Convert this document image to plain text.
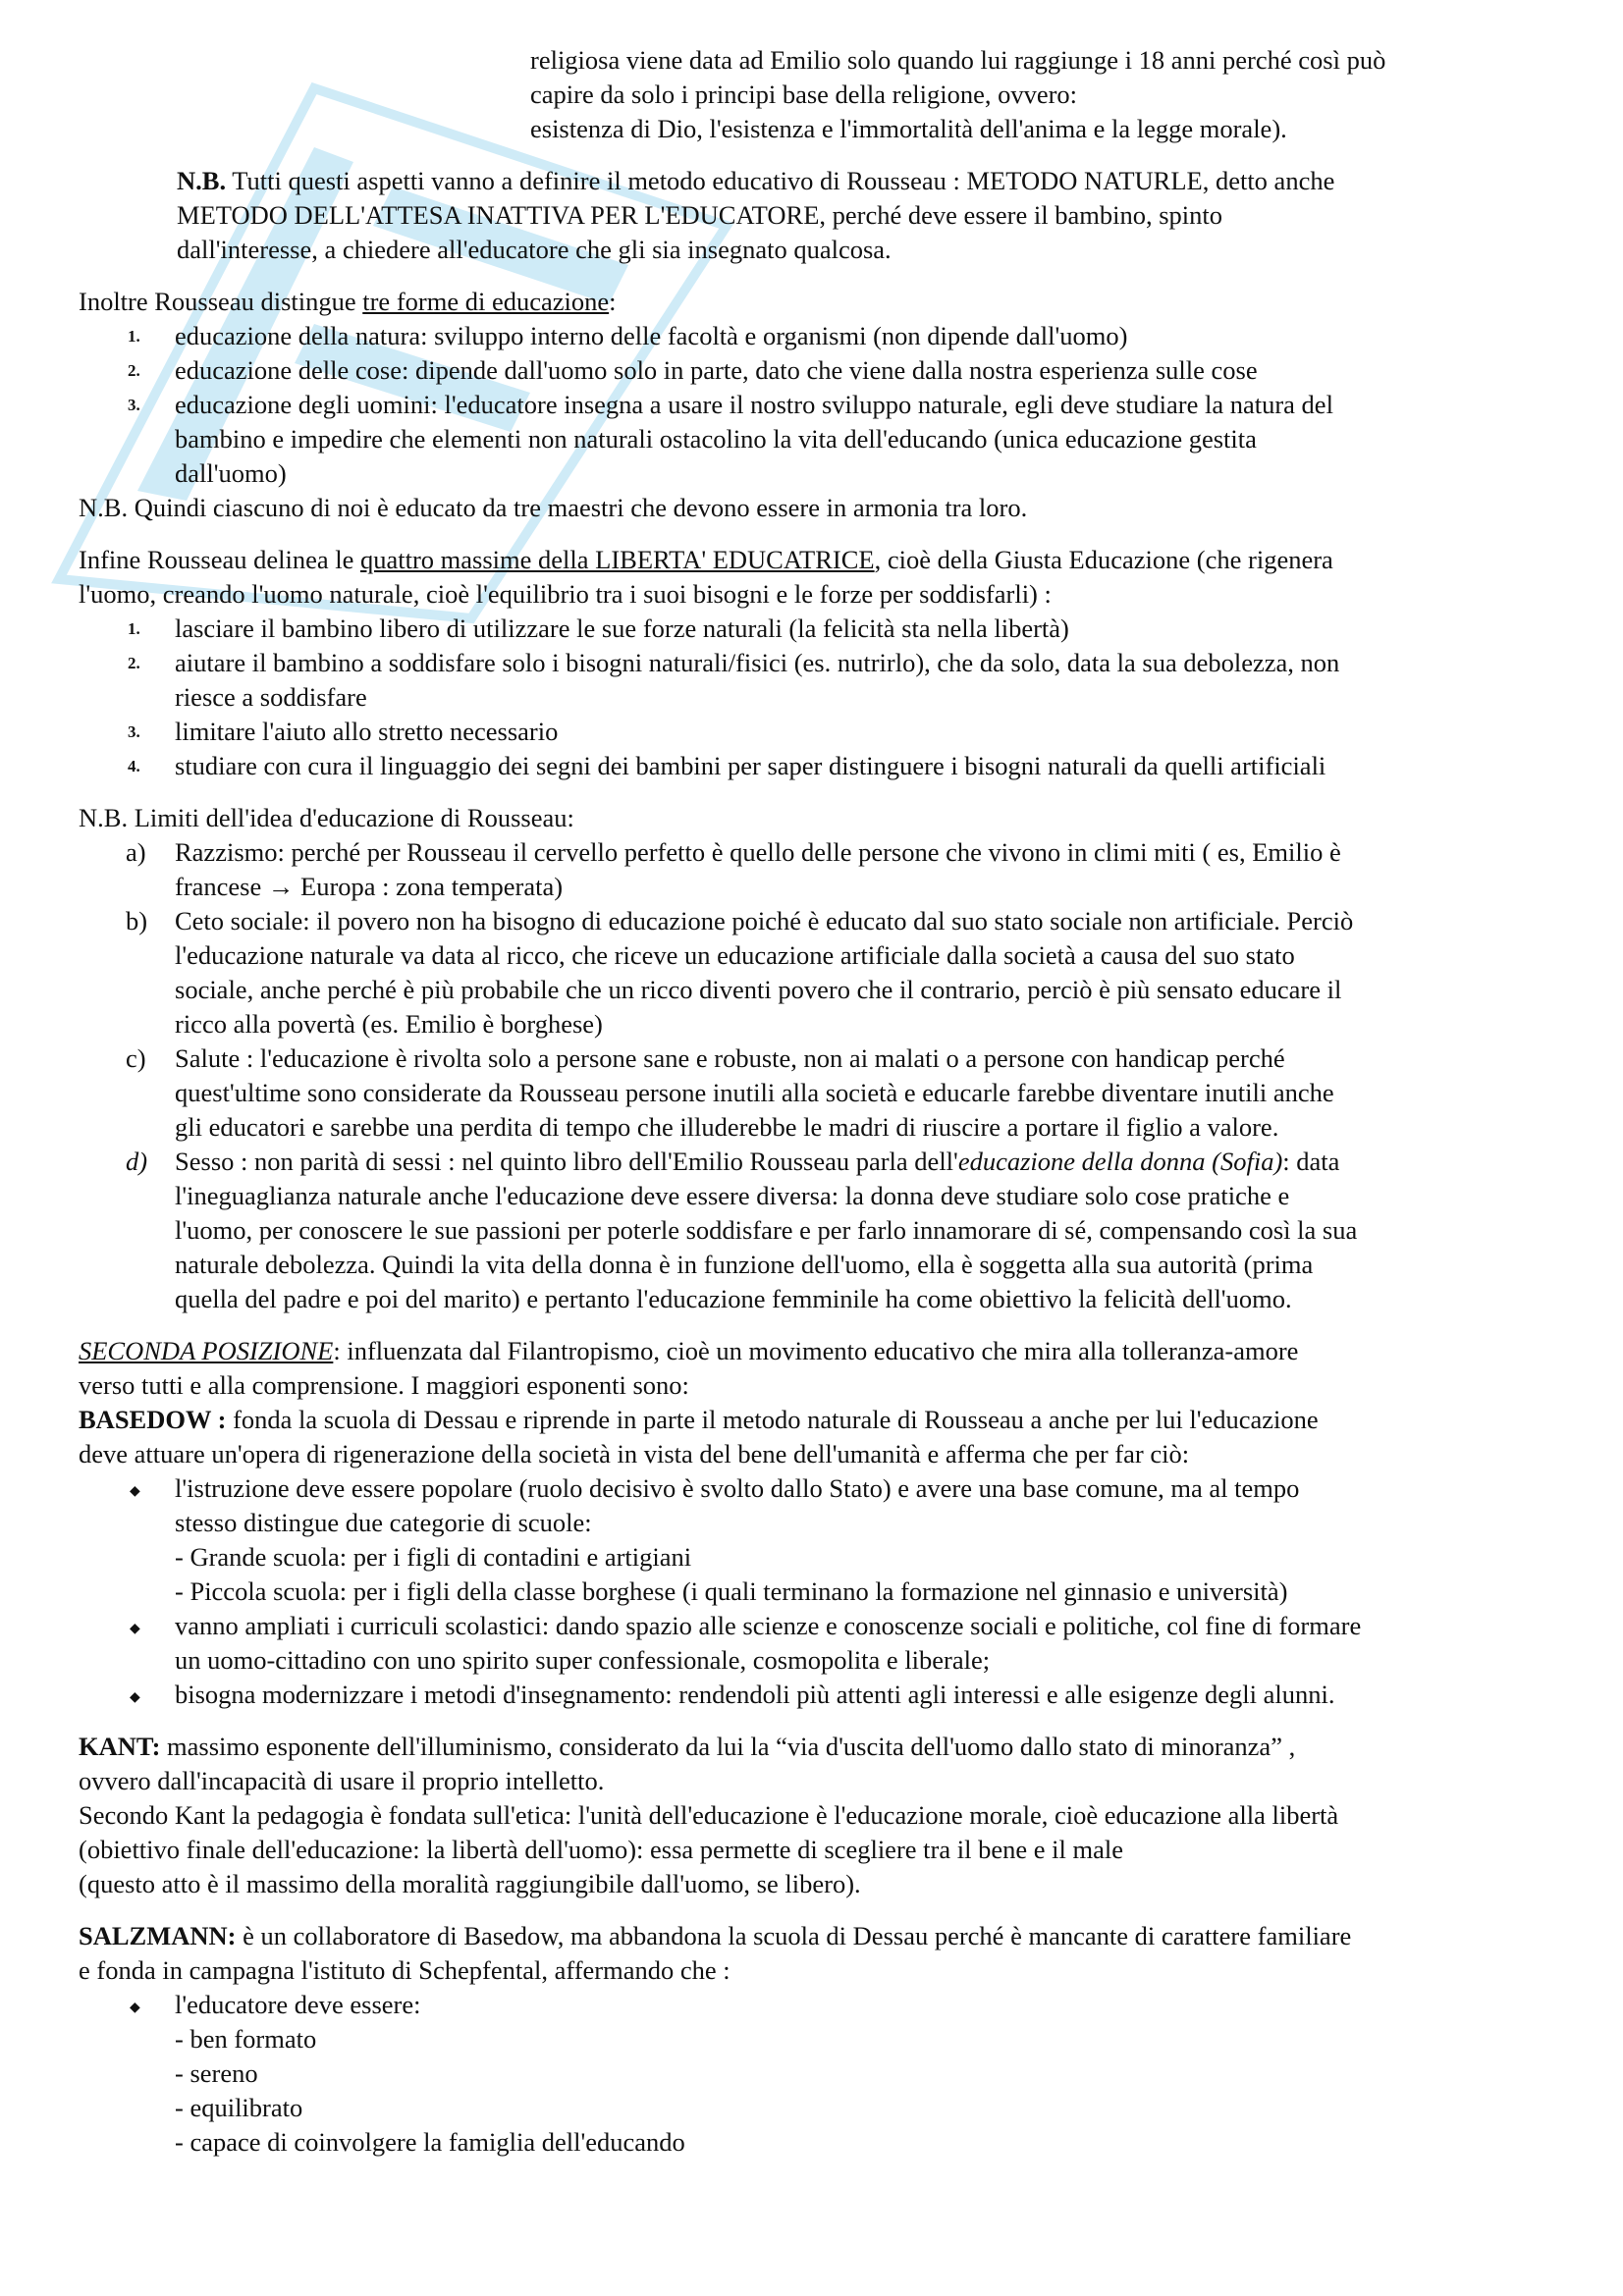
religiosa viene data ad Emilio solo quando lui raggiunge i 18 anni perché così può

capire da solo i principi base della religione, ovvero:

esistenza di Dio, l'esistenza e l'immortalità dell'anima e la legge morale).

N.B. Tutti questi aspetti vanno a definire il metodo educativo di Rousseau : METODO NATURLE, detto anche

METODO DELL'ATTESA INATTIVA PER L'EDUCATORE, perché deve essere il bambino, spinto

dall'interesse, a chiedere all'educatore che gli sia insegnato qualcosa.

Inoltre Rousseau distingue tre forme di educazione:

1. educazione della natura: sviluppo interno delle facoltà e organismi (non dipende dall'uomo)
2. educazione delle cose: dipende dall'uomo solo in parte, dato che viene dalla nostra esperienza sulle cose
3. educazione degli uomini: l'educatore insegna a usare il nostro sviluppo naturale, egli deve studiare la natura del
bambino e impedire che elementi non naturali ostacolino la vita dell'educando (unica educazione gestita
dall'uomo)

N.B. Quindi ciascuno di noi è educato da tre maestri che devono essere in armonia tra loro.

Infine Rousseau delinea le quattro massime della LIBERTA' EDUCATRICE, cioè della Giusta Educazione (che rigenera

l'uomo, creando l'uomo naturale, cioè l'equilibrio tra i suoi bisogni e le forze per soddisfarli) :

1. lasciare il bambino libero di utilizzare le sue forze naturali (la felicità sta nella libertà)
2. aiutare il bambino a soddisfare solo i bisogni naturali/fisici (es. nutrirlo), che da solo, data la sua debolezza, non
riesce a soddisfare
3. limitare l'aiuto allo stretto necessario
4. studiare con cura il linguaggio dei segni dei bambini per saper distinguere i bisogni naturali da quelli artificiali

N.B. Limiti dell'idea d'educazione di Rousseau:

a) Razzismo: perché per Rousseau il cervello perfetto è quello delle persone che vivono in climi miti ( es, Emilio è
francese → Europa : zona temperata)
b) Ceto sociale: il povero non ha bisogno di educazione poiché è educato dal suo stato sociale non artificiale. Perciò
l'educazione naturale va data al ricco, che riceve un educazione artificiale dalla società a causa del suo stato
sociale, anche perché è più probabile che un ricco diventi povero che il contrario, perciò è più sensato educare il
ricco alla povertà (es. Emilio è borghese)
c) Salute : l'educazione è rivolta solo a persone sane e robuste, non ai malati o a persone con handicap perché
quest'ultime sono considerate da Rousseau persone inutili alla società e educarle farebbe diventare inutili anche
gli educatori e sarebbe una perdita di tempo che illuderebbe le madri di riuscire a portare il figlio a valore.
d) Sesso : non parità di sessi : nel quinto libro dell'Emilio Rousseau parla dell'educazione della donna (Sofia): data
l'ineguaglianza naturale anche l'educazione deve essere diversa: la donna deve studiare solo cose pratiche e
l'uomo, per conoscere le sue passioni per poterle soddisfare e per farlo innamorare di sé, compensando così la sua
naturale debolezza. Quindi la vita della donna è in funzione dell'uomo, ella è soggetta alla sua autorità (prima
quella del padre e poi del marito) e pertanto l'educazione femminile ha come obiettivo la felicità dell'uomo.

SECONDA POSIZIONE: influenzata dal Filantropismo, cioè un movimento educativo che mira alla tolleranza-amore

verso tutti e alla comprensione. I maggiori esponenti sono:

BASEDOW : fonda la scuola di Dessau e riprende in parte il metodo naturale di Rousseau a anche per lui l'educazione

deve attuare un'opera di rigenerazione della società in vista del bene dell'umanità e afferma che per far ciò:

◆ l'istruzione deve essere popolare (ruolo decisivo è svolto dallo Stato) e avere una base comune, ma al tempo
stesso distingue due categorie di scuole:
- Grande scuola: per i figli di contadini e artigiani
- Piccola scuola: per i figli della classe borghese (i quali terminano la formazione nel ginnasio e università)
◆ vanno ampliati i curriculi scolastici: dando spazio alle scienze e conoscenze sociali e politiche, col fine di formare
un uomo-cittadino con uno spirito super confessionale, cosmopolita e liberale;
◆ bisogna modernizzare i metodi d'insegnamento: rendendoli più attenti agli interessi e alle esigenze degli alunni.

KANT: massimo esponente dell'illuminismo, considerato da lui la “via d'uscita dell'uomo dallo stato di minoranza” ,

ovvero dall'incapacità di usare il proprio intelletto.

Secondo Kant la pedagogia è fondata sull'etica: l'unità dell'educazione è l'educazione morale, cioè educazione alla libertà

(obiettivo finale dell'educazione: la libertà dell'uomo): essa permette di scegliere tra il bene e il male

(questo atto è il massimo della moralità raggiungibile dall'uomo, se libero).

SALZMANN: è un collaboratore di Basedow, ma abbandona la scuola di Dessau perché è mancante di carattere familiare

e fonda in campagna l'istituto di Schepfental, affermando che :

◆ l'educatore deve essere:
- ben formato
- sereno
- equilibrato
- capace di coinvolgere la famiglia dell'educando
